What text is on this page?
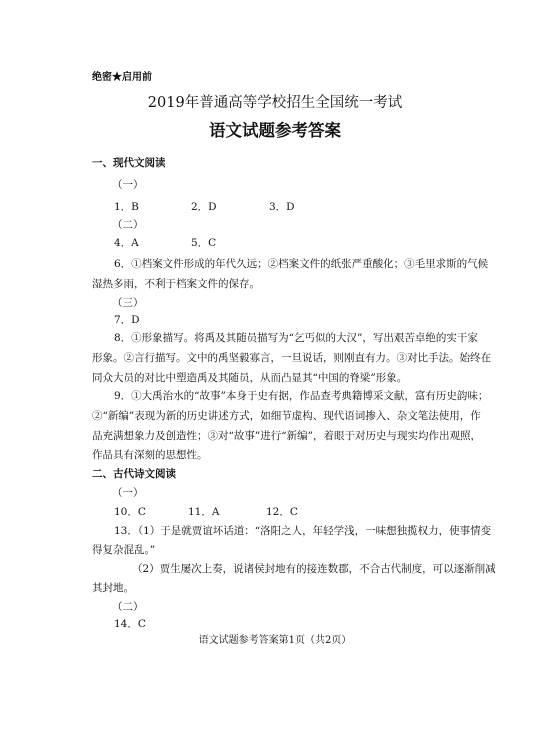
绝密★启用前
2019年普通高等学校招生全国统一考试
语文试题参考答案
一、现代文阅读
（一）
1．B	2．D	3．D
（二）
4．A	5．C
6．①档案文件形成的年代久远；②档案文件的纸张严重酸化；③毛里求斯的气候
湿热多雨，不利于档案文件的保存。
（三）
7．D
8．①形象描写。将禹及其随员描写为“乞丐似的大汉”，写出艰苦卓绝的实干家
形象。②言行描写。文中的禹坚毅寡言，一旦说话，则刚直有力。③对比手法。始终在
同众大员的对比中塑造禹及其随员，从而凸显其“中国的脊梁”形象。
9．①大禹治水的“故事”本身于史有据，作品查考典籍博采文献，富有历史韵味；
②“新编”表现为新的历史讲述方式，如细节虚构、现代语词掺入、杂文笔法使用，作
品充满想象力及创造性；③对“故事”进行“新编”，着眼于对历史与现实均作出观照，
作品具有深刻的思想性。
二、古代诗文阅读
（一）
10．C	11．A	12．C
13．（1）于是就贾谊坏话道：“洛阳之人，年轻学浅，一味想独揽权力，使事情变
得复杂混乱。”
（2）贾生屡次上奏，说诸侯封地有的接连数郡，不合古代制度，可以逐渐削减
其封地。
（二）
14．C
语文试题参考答案第1页（共2页）
